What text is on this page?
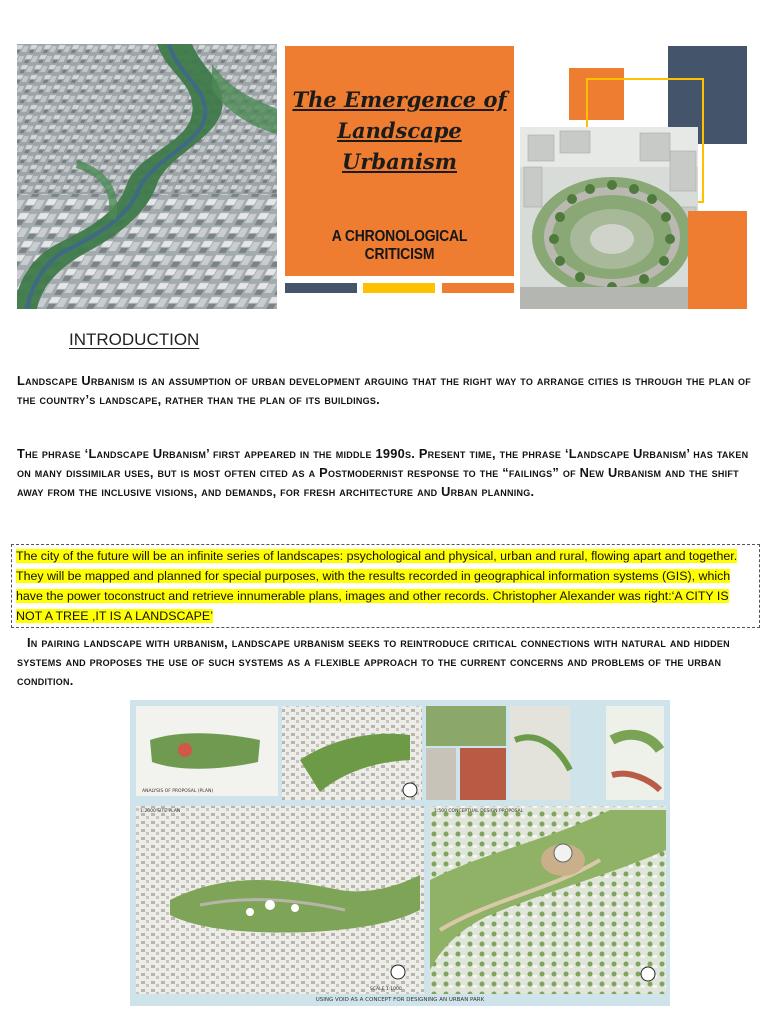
The Emergence of
Landscape
Urbanism
A CHRONOLOGICAL CRITICISM
INTRODUCTION
Landscape Urbanism is an assumption of urban development arguing that the right way to arrange cities is through the plan of the country’s landscape, rather than the plan of its buildings.
The phrase ‘Landscape Urbanism’ first appeared in the middle 1990s. Present time, the phrase ‘Landscape Urbanism’ has taken on many dissimilar uses, but is most often cited as a Postmodernist response to the “failings” of New Urbanism and the shift away from the inclusive visions, and demands, for fresh architecture and Urban planning.
The city of the future will be an infinite series of landscapes: psychological and physical, urban and rural, flowing apart and together. They will be mapped and planned for special purposes, with the results recorded in geographical information systems (GIS), which have the power toconstruct and retrieve innumerable plans, images and other records. Christopher Alexander was right:‘A CITY IS NOT A TREE ,IT IS A LANDSCAPE’
In pairing landscape with urbanism, landscape urbanism seeks to reintroduce critical connections with natural and hidden systems and proposes the use of such systems as a flexible approach to the current concerns and problems of the urban condition.
ANALYSIS OF PROPOSAL (PLAN)
1:2000 SITE PLAN
SCALE 1:1000
1:500 CONCEPTUAL DESIGN PROPOSAL
USING VOID AS A CONCEPT FOR DESIGNING AN URBAN PARK
